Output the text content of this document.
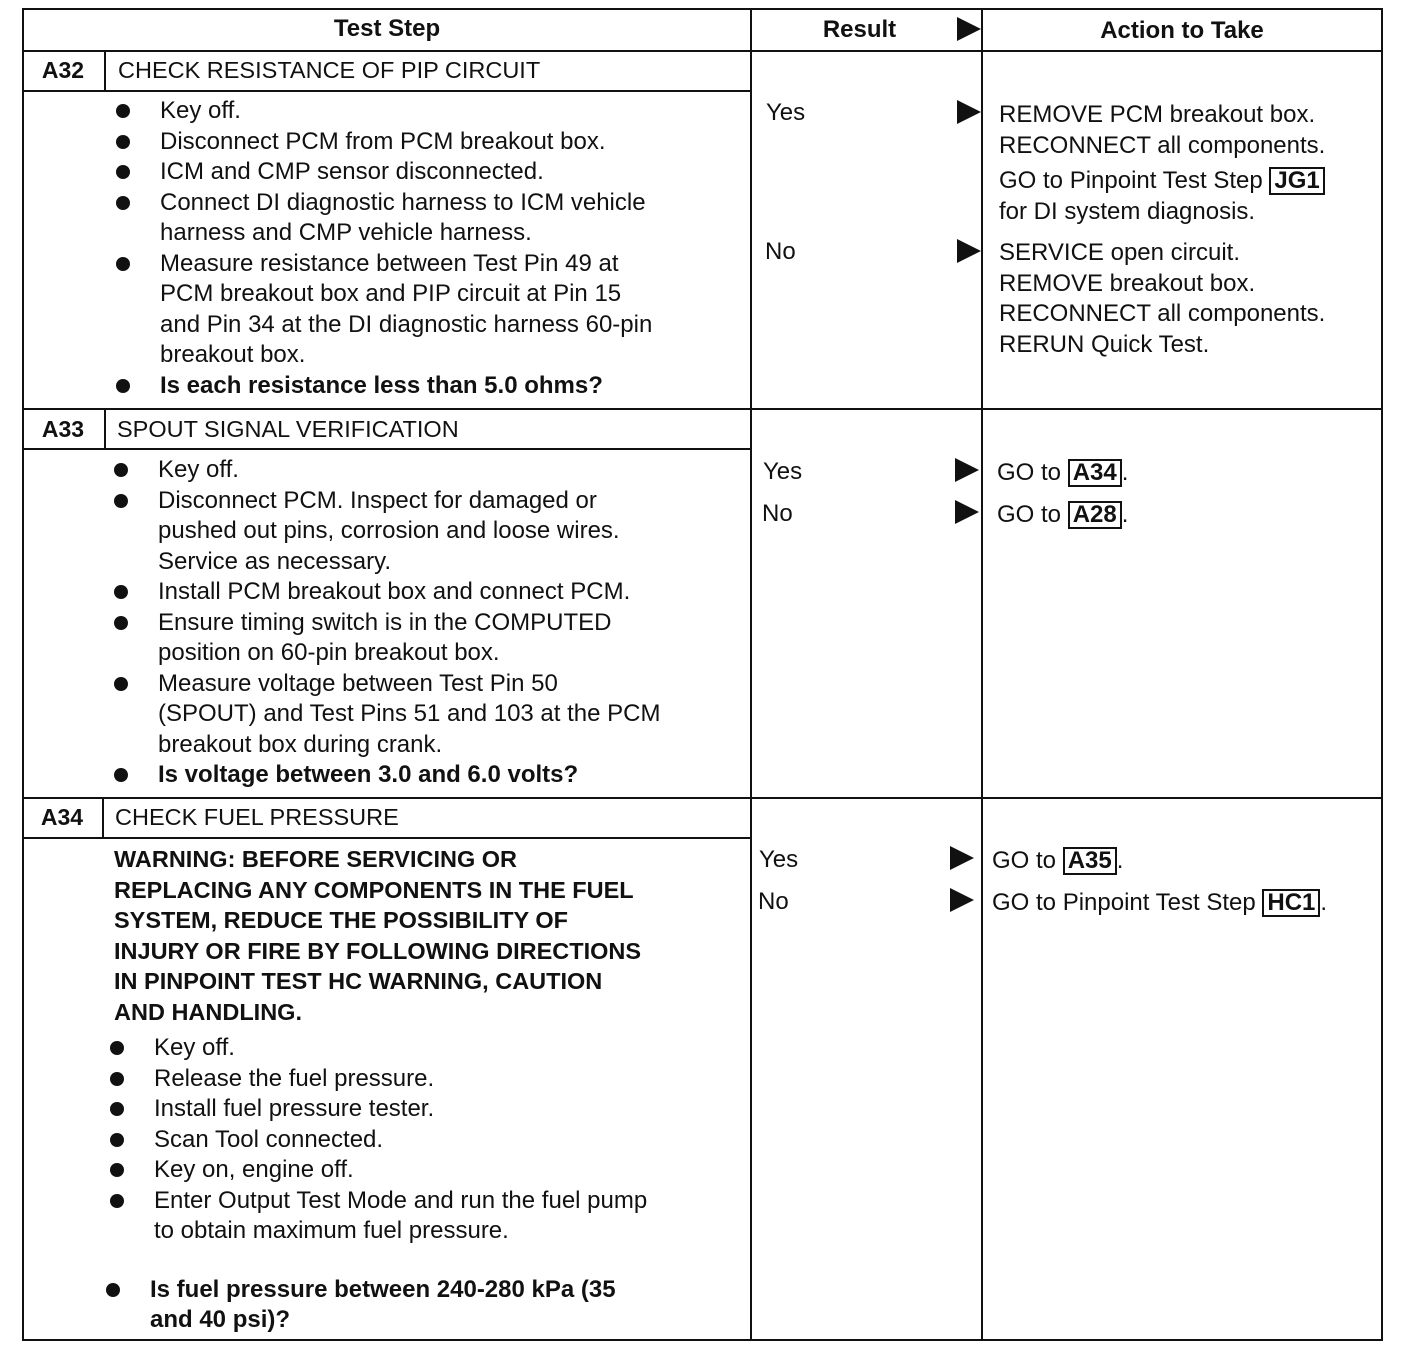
Test Step	Result	Action to Take
A32	CHECK RESISTANCE OF PIP CIRCUIT
Key off.
Disconnect PCM from PCM breakout box.
ICM and CMP sensor disconnected.
Connect DI diagnostic harness to ICM vehicle
harness and CMP vehicle harness.
Measure resistance between Test Pin 49 at
PCM breakout box and PIP circuit at Pin 15
and Pin 34 at the DI diagnostic harness 60-pin
breakout box.
Is each resistance less than 5.0 ohms?
Yes	REMOVE PCM breakout box.
RECONNECT all components.
GO to Pinpoint Test Step JG1
for DI system diagnosis.
No	SERVICE open circuit.
REMOVE breakout box.
RECONNECT all components.
RERUN Quick Test.
A33	SPOUT SIGNAL VERIFICATION
Key off.
Disconnect PCM. Inspect for damaged or
pushed out pins, corrosion and loose wires.
Service as necessary.
Install PCM breakout box and connect PCM.
Ensure timing switch is in the COMPUTED
position on 60-pin breakout box.
Measure voltage between Test Pin 50
(SPOUT) and Test Pins 51 and 103 at the PCM
breakout box during crank.
Is voltage between 3.0 and 6.0 volts?
Yes	GO to A34 .
No	GO to A28 .
A34	CHECK FUEL PRESSURE
WARNING: BEFORE SERVICING OR
REPLACING ANY COMPONENTS IN THE FUEL
SYSTEM, REDUCE THE POSSIBILITY OF
INJURY OR FIRE BY FOLLOWING DIRECTIONS
IN PINPOINT TEST HC WARNING, CAUTION
AND HANDLING.
Key off.
Release the fuel pressure.
Install fuel pressure tester.
Scan Tool connected.
Key on, engine off.
Enter Output Test Mode and run the fuel pump
to obtain maximum fuel pressure.
Is fuel pressure between 240-280 kPa (35
and 40 psi)?
Yes	GO to A35 .
No	GO to Pinpoint Test Step HC1 .
